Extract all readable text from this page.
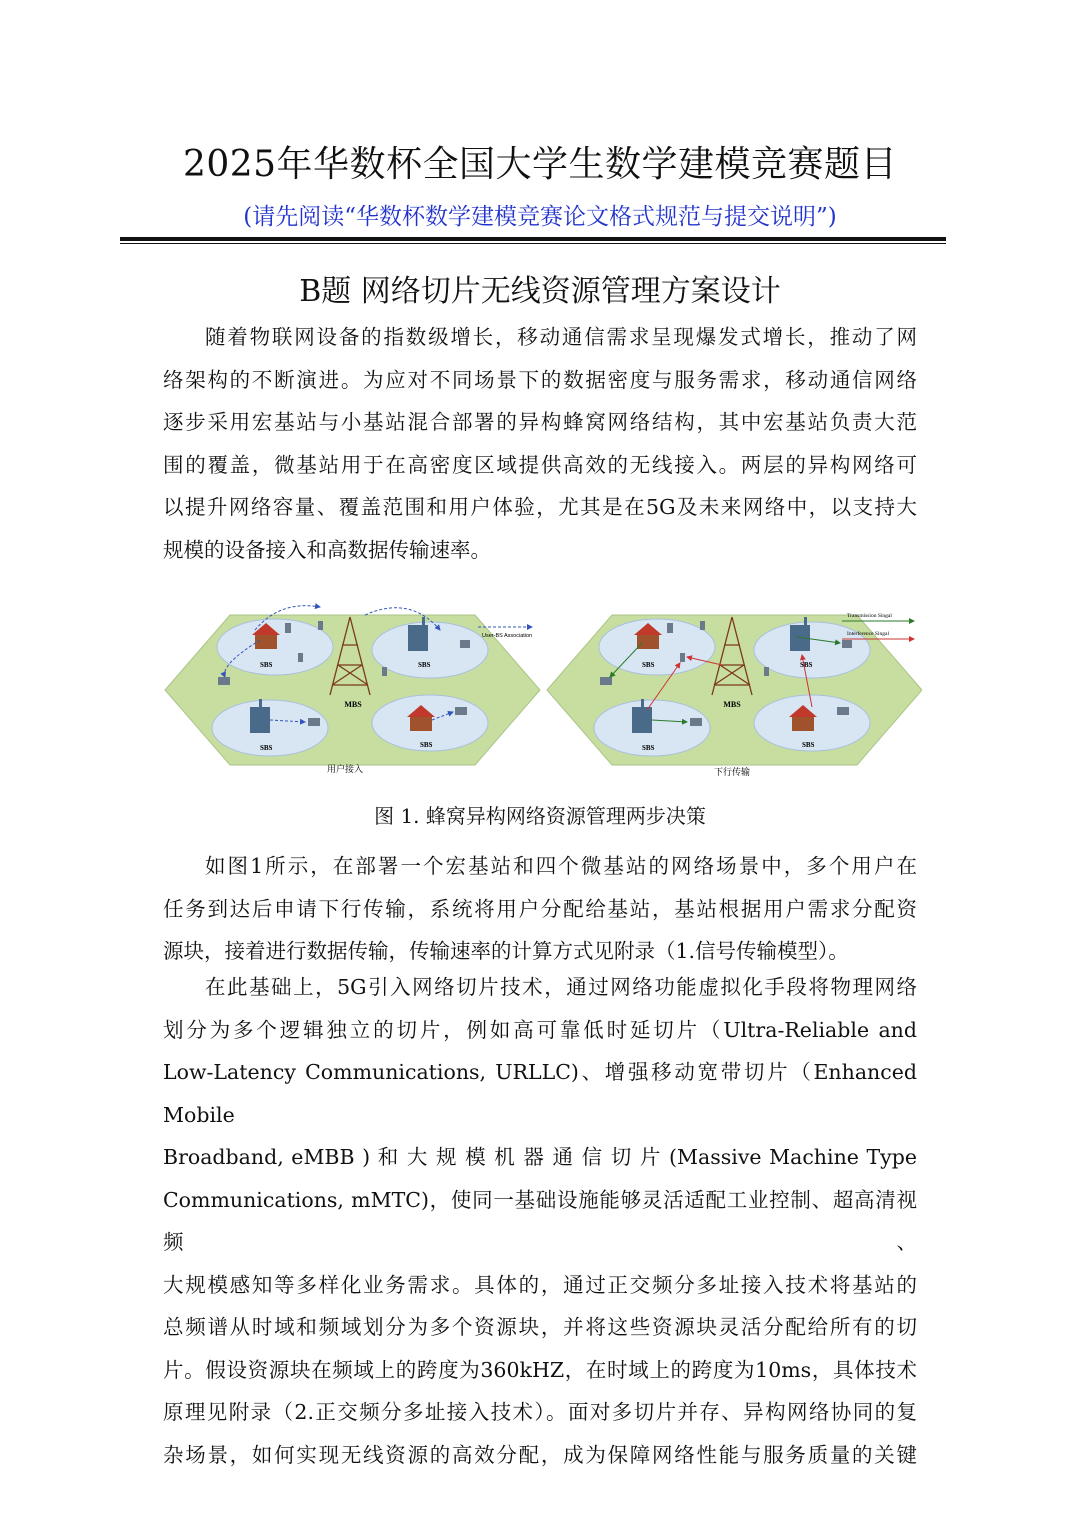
2025年华数杯全国大学生数学建模竞赛题目

(请先阅读“华数杯数学建模竞赛论文格式规范与提交说明”)

B题 网络切片无线资源管理方案设计
随着物联网设备的指数级增长，移动通信需求呈现爆发式增长，推动了网
络架构的不断演进。为应对不同场景下的数据密度与服务需求，移动通信网络
逐步采用宏基站与小基站混合部署的异构蜂窝网络结构，其中宏基站负责大范
围的覆盖，微基站用于在高密度区域提供高效的无线接入。两层的异构网络可
以提升网络容量、覆盖范围和用户体验，尤其是在5G及未来网络中，以支持大
规模的设备接入和高数据传输速率。
MBS
SBS	SBS
SBS	SBS
User-BS Association
用户接入
MBS
SBS	SBS
SBS	SBS
Transmission Singal
Interference Singal
下行传输

图 1. 蜂窝异构网络资源管理两步决策

如图1所示，在部署一个宏基站和四个微基站的网络场景中，多个用户在
任务到达后申请下行传输，系统将用户分配给基站，基站根据用户需求分配资
源块，接着进行数据传输，传输速率的计算方式见附录（1.信号传输模型）。
在此基础上，5G引入网络切片技术，通过网络功能虚拟化手段将物理网络
划分为多个逻辑独立的切片，例如高可靠低时延切片（Ultra-Reliable and
Low-Latency Communications, URLLC)、增强移动宽带切片（Enhanced Mobile
Broadband, eMBB ) 和 大 规 模 机 器 通 信 切 片 (Massive Machine Type
Communications, mMTC)，使同一基础设施能够灵活适配工业控制、超高清视频、
大规模感知等多样化业务需求。具体的，通过正交频分多址接入技术将基站的
总频谱从时域和频域划分为多个资源块，并将这些资源块灵活分配给所有的切
片。假设资源块在频域上的跨度为360kHZ，在时域上的跨度为10ms，具体技术
原理见附录（2.正交频分多址接入技术）。面对多切片并存、异构网络协同的复
杂场景，如何实现无线资源的高效分配，成为保障网络性能与服务质量的关键
